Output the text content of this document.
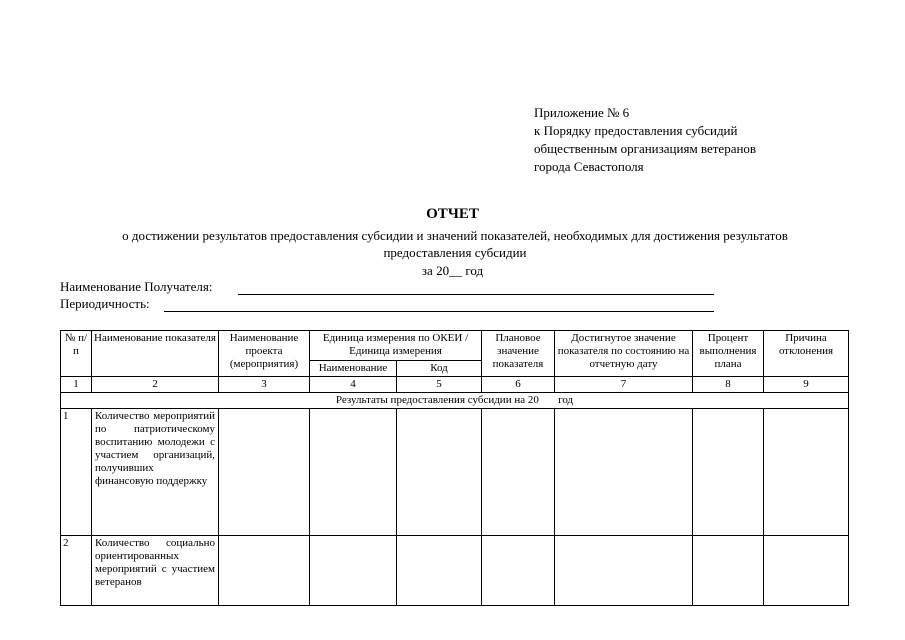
Приложение № 6
к Порядку предоставления субсидий
общественным организациям ветеранов
города Севастополя
ОТЧЕТ
о достижении результатов предоставления субсидии и значений показателей, необходимых для достижения результатов предоставления субсидии
за 20__ год
Наименование Получателя:
Периодичность:
№ п/п	Наименование показателя	Наименование проекта (мероприятия)	Единица измерения по ОКЕИ / Единица измерения		Плановое значение показателя	Достигнутое значение показателя по состоянию на отчетную дату	Процент выполнения плана	Причина отклонения
			Наименование	Код				
1	2	3	4	5	6	7	8	9
Результаты предоставления субсидии на 20       год								
1	Количество мероприятий по патриотическому воспитанию молодежи с участием организаций, получивших финансовую поддержку							
2	Количество социально ориентированных мероприятий с участием ветеранов							
